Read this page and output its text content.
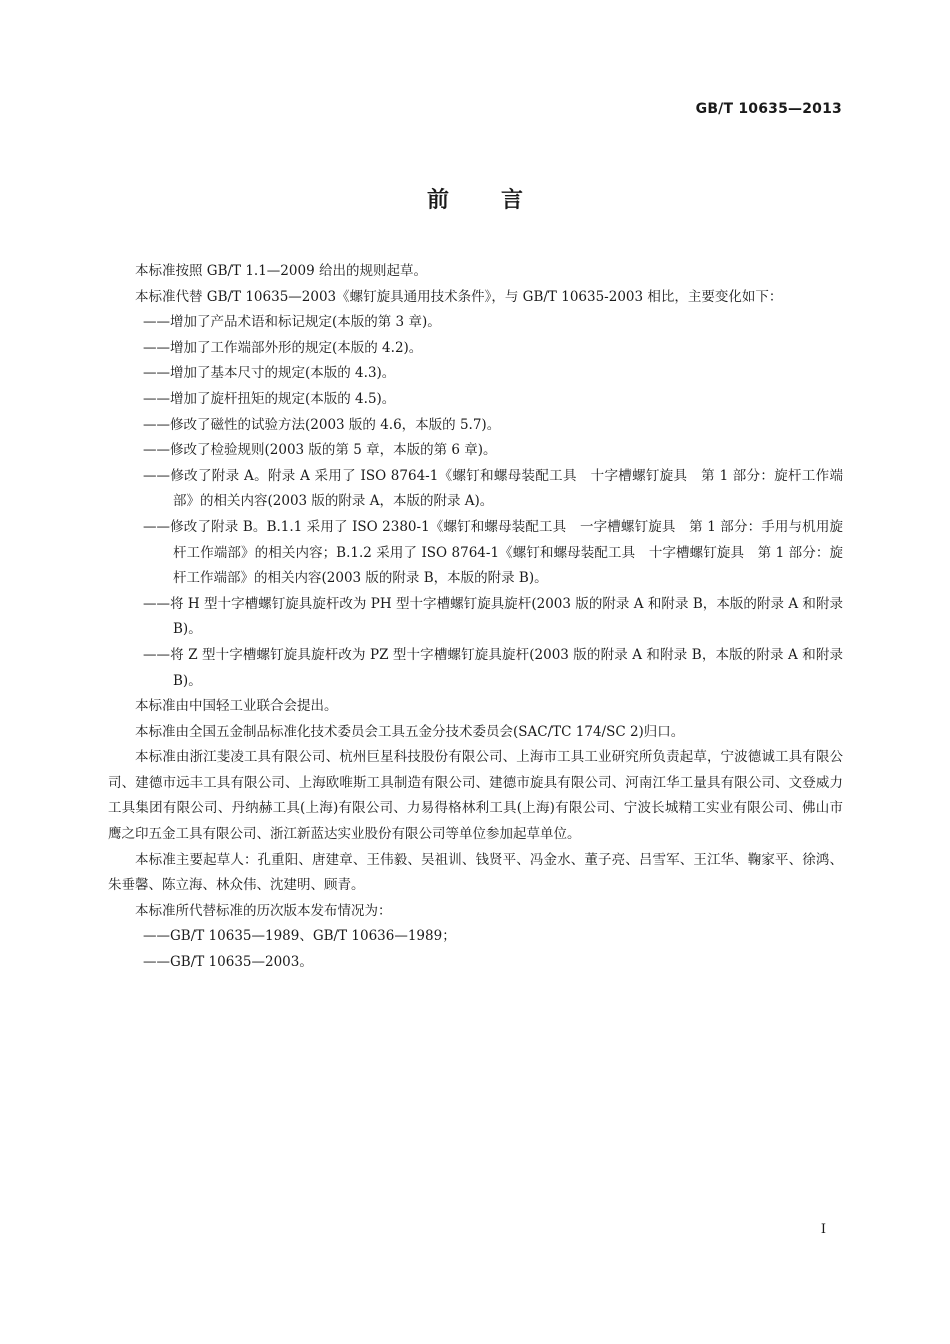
GB/T 10635—2013
前言

本标准按照 GB/T 1.1—2009 给出的规则起草。

本标准代替 GB/T 10635—2003《螺钉旋具通用技术条件》，与 GB/T 10635-2003 相比，主要变化如下：

——增加了产品术语和标记规定(本版的第 3 章)。

——增加了工作端部外形的规定(本版的 4.2)。

——增加了基本尺寸的规定(本版的 4.3)。

——增加了旋杆扭矩的规定(本版的 4.5)。

——修改了磁性的试验方法(2003 版的 4.6，本版的 5.7)。

——修改了检验规则(2003 版的第 5 章，本版的第 6 章)。

——修改了附录 A。附录 A 采用了 ISO 8764-1《螺钉和螺母装配工具　十字槽螺钉旋具　第 1 部分：旋杆工作端部》的相关内容(2003 版的附录 A，本版的附录 A)。

——修改了附录 B。B.1.1 采用了 ISO 2380-1《螺钉和螺母装配工具　一字槽螺钉旋具　第 1 部分：手用与机用旋杆工作端部》的相关内容；B.1.2 采用了 ISO 8764-1《螺钉和螺母装配工具　十字槽螺钉旋具　第 1 部分：旋杆工作端部》的相关内容(2003 版的附录 B，本版的附录 B)。

——将 H 型十字槽螺钉旋具旋杆改为 PH 型十字槽螺钉旋具旋杆(2003 版的附录 A 和附录 B，本版的附录 A 和附录 B)。

——将 Z 型十字槽螺钉旋具旋杆改为 PZ 型十字槽螺钉旋具旋杆(2003 版的附录 A 和附录 B，本版的附录 A 和附录 B)。

本标准由中国轻工业联合会提出。

本标准由全国五金制品标准化技术委员会工具五金分技术委员会(SAC/TC 174/SC 2)归口。

本标准由浙江斐凌工具有限公司、杭州巨星科技股份有限公司、上海市工具工业研究所负责起草，宁波德诚工具有限公司、建德市远丰工具有限公司、上海欧唯斯工具制造有限公司、建德市旋具有限公司、河南江华工量具有限公司、文登威力工具集团有限公司、丹纳赫工具(上海)有限公司、力易得格林利工具(上海)有限公司、宁波长城精工实业有限公司、佛山市鹰之印五金工具有限公司、浙江新蓝达实业股份有限公司等单位参加起草单位。

本标准主要起草人：孔重阳、唐建章、王伟毅、吴祖训、钱贤平、冯金水、董子亮、吕雪军、王江华、鞠家平、徐鸿、朱垂馨、陈立海、林众伟、沈建明、顾青。

本标准所代替标准的历次版本发布情况为：

——GB/T 10635—1989、GB/T 10636—1989；

——GB/T 10635—2003。

I
